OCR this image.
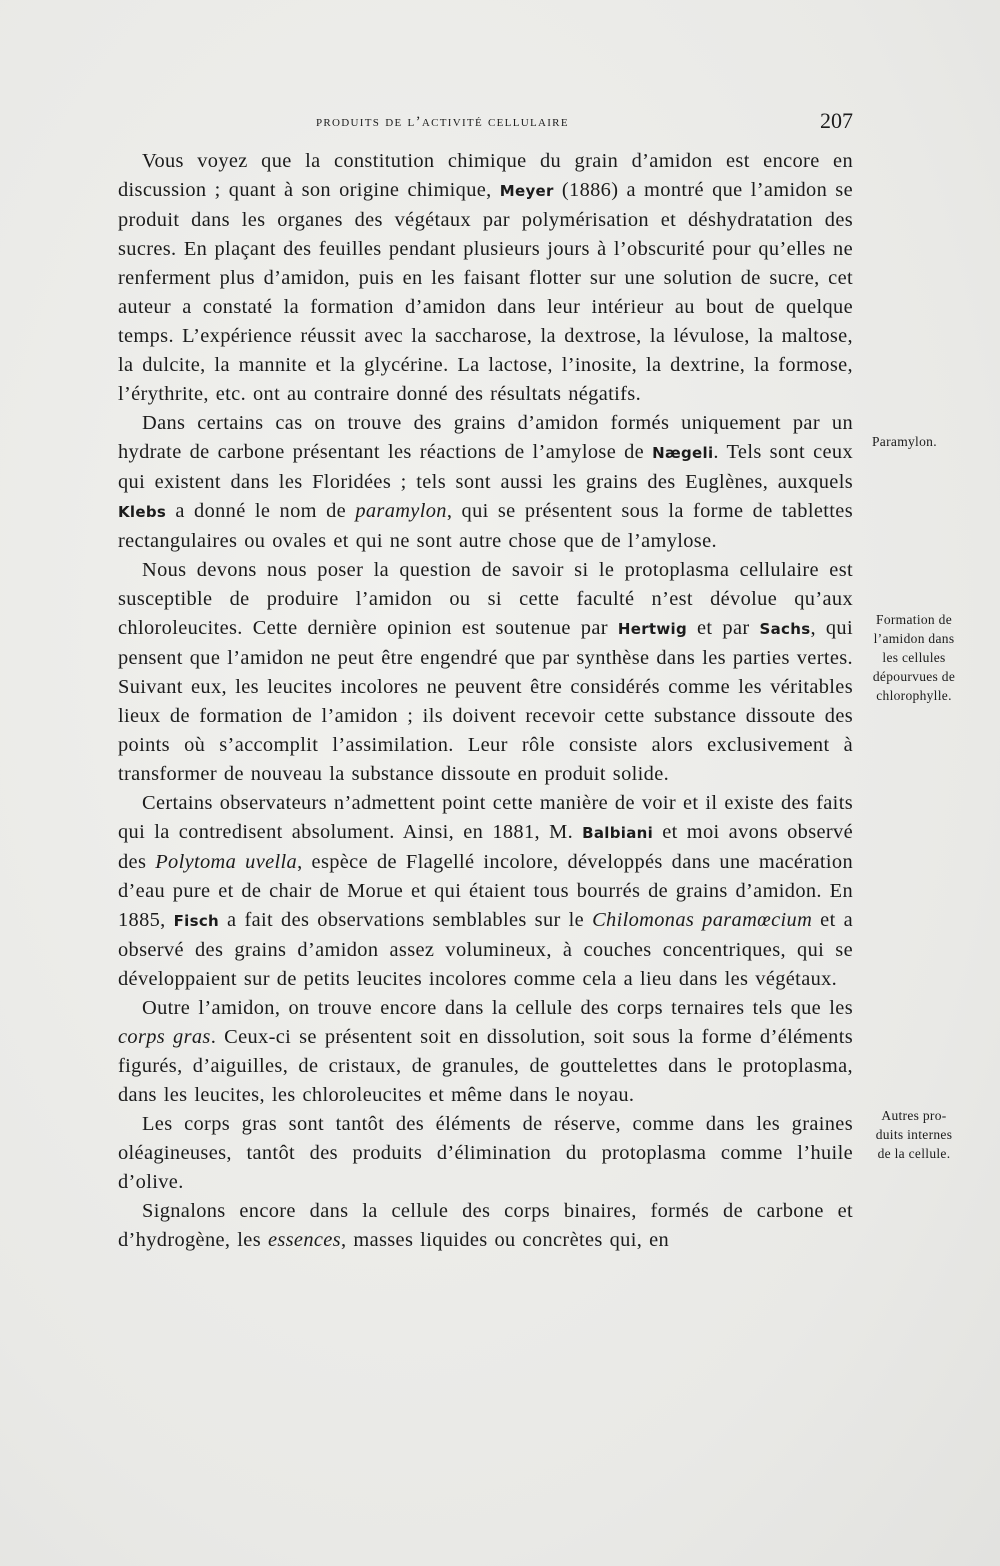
produits de l’activité cellulaire	207

Vous voyez que la constitution chimique du grain d’amidon est encore en discussion ; quant à son origine chimique, Meyer (1886) a montré que l’amidon se produit dans les organes des végétaux par polymérisation et déshydratation des sucres. En plaçant des feuilles pendant plusieurs jours à l’obscurité pour qu’elles ne renferment plus d’amidon, puis en les faisant flotter sur une solution de sucre, cet auteur a constaté la formation d’amidon dans leur intérieur au bout de quelque temps. L’expérience réussit avec la saccharose, la dextrose, la lévulose, la maltose, la dulcite, la mannite et la glycérine. La lactose, l’inosite, la dextrine, la formose, l’érythrite, etc. ont au contraire donné des résultats négatifs.

Dans certains cas on trouve des grains d’amidon formés uniquement par un hydrate de carbone présentant les réactions de l’amylose de Nægeli. Tels sont ceux qui existent dans les Floridées ; tels sont aussi les grains des Euglènes, auxquels Klebs a donné le nom de paramylon, qui se présentent sous la forme de tablettes rectangulaires ou ovales et qui ne sont autre chose que de l’amylose.

Nous devons nous poser la question de savoir si le protoplasma cellulaire est susceptible de produire l’amidon ou si cette faculté n’est dévolue qu’aux chloroleucites. Cette dernière opinion est soutenue par Hertwig et par Sachs, qui pensent que l’amidon ne peut être engendré que par synthèse dans les parties vertes. Suivant eux, les leucites incolores ne peuvent être considérés comme les véritables lieux de formation de l’amidon ; ils doivent recevoir cette substance dissoute des points où s’accomplit l’assimilation. Leur rôle consiste alors exclusivement à transformer de nouveau la substance dissoute en produit solide.

Certains observateurs n’admettent point cette manière de voir et il existe des faits qui la contredisent absolument. Ainsi, en 1881, M. Balbiani et moi avons observé des Polytoma uvella, espèce de Flagellé incolore, développés dans une macération d’eau pure et de chair de Morue et qui étaient tous bourrés de grains d’amidon. En 1885, Fisch a fait des observations semblables sur le Chilomonas paramœcium et a observé des grains d’amidon assez volumineux, à couches concentriques, qui se développaient sur de petits leucites incolores comme cela a lieu dans les végétaux.

Outre l’amidon, on trouve encore dans la cellule des corps ternaires tels que les corps gras. Ceux-ci se présentent soit en dissolution, soit sous la forme d’éléments figurés, d’aiguilles, de cristaux, de granules, de gouttelettes dans le protoplasma, dans les leucites, les chloroleucites et même dans le noyau.

Les corps gras sont tantôt des éléments de réserve, comme dans les graines oléagineuses, tantôt des produits d’élimination du protoplasma comme l’huile d’olive.

Signalons encore dans la cellule des corps binaires, formés de carbone et d’hydrogène, les essences, masses liquides ou concrètes qui, en

Paramylon.
Formation de
l’amidon dans
les cellules
dépourvues de
chlorophylle.
Autres pro-
duits internes
de la cellule.
